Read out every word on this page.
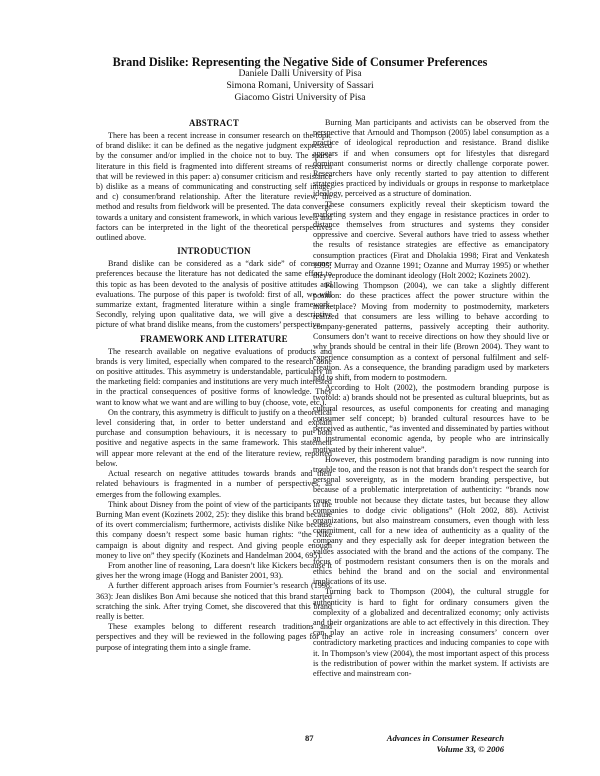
Brand Dislike: Representing the Negative Side of Consumer Preferences
Daniele Dalli University of Pisa
Simona Romani, University of Sassari
Giacomo Gistri University of Pisa
ABSTRACT

There has been a recent increase in consumer research on the topic of brand dislike: it can be defined as the negative judgment expressed by the consumer and/or implied in the choice not to buy. The sparse literature in this field is fragmented into different streams of research that will be reviewed in this paper: a) consumer criticism and resistance b) dislike as a means of communicating and constructing self image, and c) consumer/brand relationship. After the literature review, the method and results from fieldwork will be presented. The data converge towards a unitary and consistent framework, in which various levels and factors can be interpreted in the light of the theoretical perspectives outlined above.

INTRODUCTION

Brand dislike can be considered as a “dark side” of consumer preferences because the literature has not dedicated the same effort to this topic as has been devoted to the analysis of positive attitudes and evaluations. The purpose of this paper is twofold: first of all, we will summarize extant, fragmented literature within a single framework. Secondly, relying upon qualitative data, we will give a descriptive picture of what brand dislike means, from the customers’ perspective.

FRAMEWORK AND LITERATURE

The research available on negative evaluations of products and brands is very limited, especially when compared to the research done on positive attitudes. This asymmetry is understandable, particularly in the marketing field: companies and institutions are very much interested in the practical consequences of positive forms of knowledge. They want to know what we want and are willing to buy (choose, vote, etc.).

On the contrary, this asymmetry is difficult to justify on a theoretical level considering that, in order to better understand and explain purchase and consumption behaviours, it is necessary to put both positive and negative aspects in the same framework. This statement will appear more relevant at the end of the literature review, reported below.

Actual research on negative attitudes towards brands and their related behaviours is fragmented in a number of perspectives, as emerges from the following examples.

Think about Disney from the point of view of the participants in the Burning Man event (Kozinets 2002, 25): they dislike this brand because of its overt commercialism; furthermore, activists dislike Nike because this company doesn’t respect some basic human rights: “the Nike campaign is about dignity and respect. And giving people enough money to live on” they specify (Kozinets and Handelman 2004, 695).

From another line of reasoning, Lara doesn’t like Kickers because it gives her the wrong image (Hogg and Banister 2001, 93).

A further different approach arises from Fournier’s research (1998, 363): Jean dislikes Bon Ami because she noticed that this brand started scratching the sink. After trying Comet, she discovered that this brand really is better.

These examples belong to different research traditions and perspectives and they will be reviewed in the following pages for the purpose of integrating them into a single frame.

Burning Man participants and activists can be observed from the perspective that Arnould and Thompson (2005) label consumption as a practice of ideological reproduction and resistance. Brand dislike appears if and when consumers opt for lifestyles that disregard dominant consumerist norms or directly challenge corporate power. Researchers have only recently started to pay attention to different strategies practiced by individuals or groups in response to marketplace ideology, perceived as a structure of domination.

These consumers explicitly reveal their skepticism toward the marketing system and they engage in resistance practices in order to distance themselves from structures and systems they consider oppressive and coercive. Several authors have tried to assess whether the results of resistance strategies are effective as emancipatory consumption practices (Firat and Dholakia 1998; Firat and Venkatesh 1995; Murray and Ozanne 1991; Ozanne and Murray 1995) or whether they reproduce the dominant ideology (Holt 2002; Kozinets 2002).

Following Thompson (2004), we can take a slightly different position: do these practices affect the power structure within the marketplace? Moving from modernity to postmodernity, marketers realized that consumers are less willing to behave according to company-generated patterns, passively accepting their authority. Consumers don’t want to receive directions on how they should live or why brands should be central in their life (Brown 2004). They want to experience consumption as a context of personal fulfilment and self-creation. As a consequence, the branding paradigm used by marketers had to shift, from modern to postmodern.

According to Holt (2002), the postmodern branding purpose is twofold: a) brands should not be presented as cultural blueprints, but as cultural resources, as useful components for creating and managing consumer self concept; b) branded cultural resources have to be perceived as authentic, “as invented and disseminated by parties without an instrumental economic agenda, by people who are intrinsically motivated by their inherent value”.

However, this postmodern branding paradigm is now running into trouble too, and the reason is not that brands don’t respect the search for personal sovereignty, as in the modern branding perspective, but because of a problematic interpretation of authenticity: “brands now cause trouble not because they dictate tastes, but because they allow companies to dodge civic obligations” (Holt 2002, 88). Activist organizations, but also mainstream consumers, even though with less commitment, call for a new idea of authenticity as a quality of the company and they especially ask for deeper integration between the values associated with the brand and the actions of the company. The focus of postmodern resistant consumers then is on the morals and ethics behind the brand and on the social and environmental implications of its use.

Turning back to Thompson (2004), the cultural struggle for authenticity is hard to fight for ordinary consumers given the complexity of a globalized and decentralized economy; only activists and their organizations are able to act effectively in this direction. They can play an active role in increasing consumers’ concern over contradictory marketing practices and inducing companies to cope with it. In Thompson’s view (2004), the most important aspect of this process is the redistribution of power within the market system. If activists are effective and mainstream con-

87	Advances in Consumer Research
Volume 33, © 2006
